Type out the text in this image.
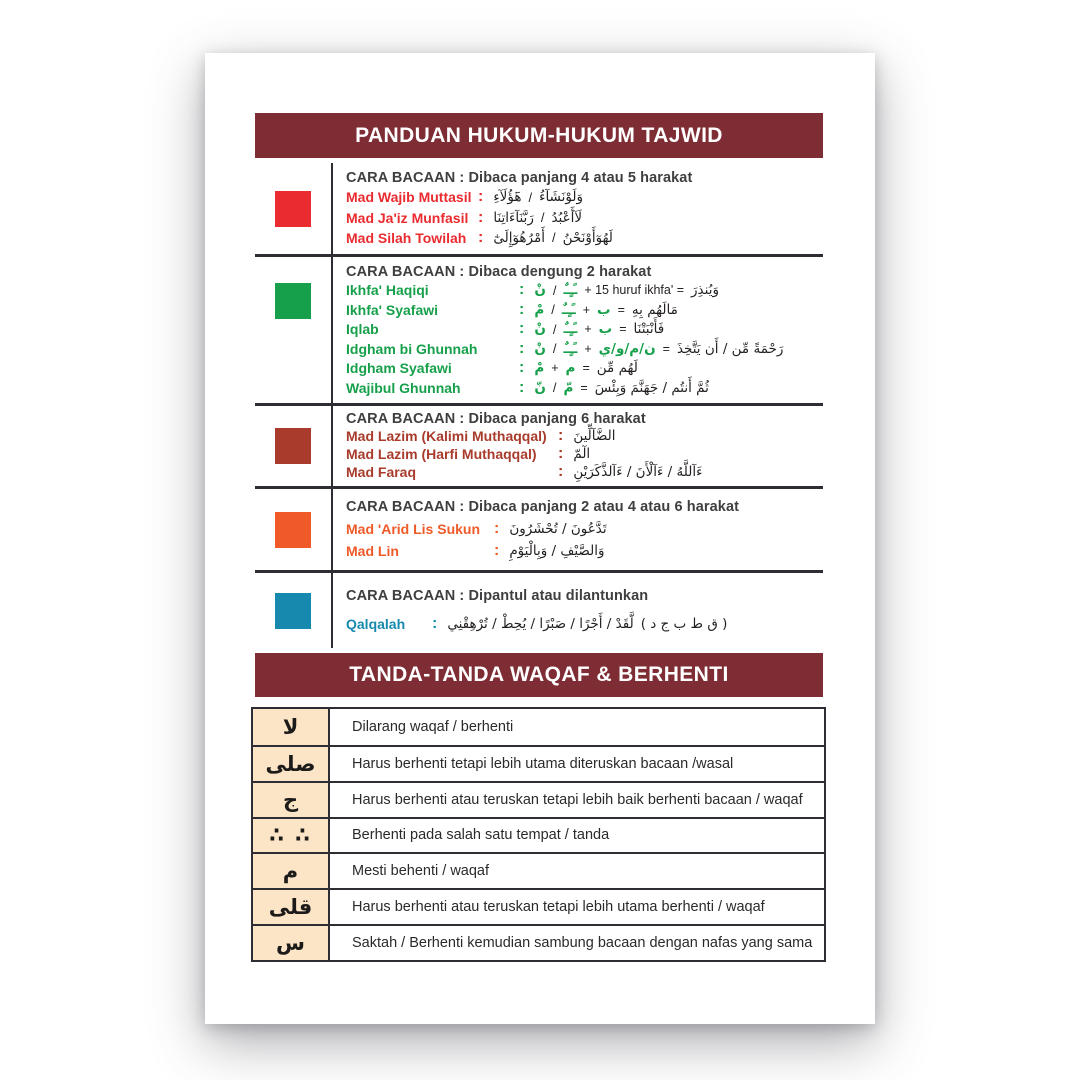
PANDUAN HUKUM-HUKUM TAJWID
CARA BACAAN : Dibaca panjang 4 atau 5 harakat
Mad Wajib Muttasil : هَٓؤُلَآءِ / وَلَوْنَشَآءُ
Mad Ja'iz Munfasil : رَبَّنَآءَاتِنَا / لَآأَعْبُدُ
Mad Silah Towilah : أَمْرُهُوٓإِلَىٰٓ / لَهُوٓأَوْنَحْنُ
CARA BACAAN : Dibaca dengung 2 harakat
Ikhfa' Haqiqi	: نْ / ـًـٍـٌ + 15 huruf ikhfa' = وَيُنذِرَ
Ikhfa' Syafawi	: مْ / ـًـٍـٌ + ب = مَالَهُم بِهِ
Iqlab	: نْ / ـًـٍـٌ + ب = فَأَنْبَتْنَا
Idgham bi Ghunnah	: نْ / ـًـٍـٌ + ن/م/و/ي = رَحْمَةً مِّن / أَن يَتَّخِذَ
Idgham Syafawi	: مْ + م = لَهُم مِّن
Wajibul Ghunnah	: نّ / مّ = ثُمَّ أَنتُم / جَهَنَّمَ وَبِئْسَ
CARA BACAAN : Dibaca panjang 6 harakat
Mad Lazim (Kalimi Muthaqqal) : الضَّآلِّينَ
Mad Lazim (Harfi Muthaqqal)	: الٓمّ
Mad Faraq	: ءَآللَّهُ / ءَآلْأَنَ / ءَآلذَّكَرَيْنِ
CARA BACAAN : Dibaca panjang 2 atau 4 atau 6 harakat
Mad 'Arid Lis Sukun : تَدَّعُونَ / تُحْشَرُونَ
Mad Lin	: وَالصَّيْفِ / وَبِالْيَوْمِ
CARA BACAAN : Dipantul atau dilantunkan
Qalqalah	: لَّقَدْ / أَجْرًا / صَبْرًا / يُحِطْ / تُرْهِقْنِي ( ق ط ب ج د )
TANDA-TANDA WAQAF & BERHENTI
لا	Dilarang waqaf / berhenti
صلى	Harus berhenti tetapi lebih utama diteruskan bacaan /wasal
ج	Harus berhenti atau teruskan tetapi lebih baik berhenti bacaan / waqaf
∴ ∴	Berhenti pada salah satu tempat / tanda
م	Mesti behenti / waqaf
قلى	Harus berhenti atau teruskan tetapi lebih utama berhenti / waqaf
س	Saktah / Berhenti kemudian sambung bacaan dengan nafas yang sama
